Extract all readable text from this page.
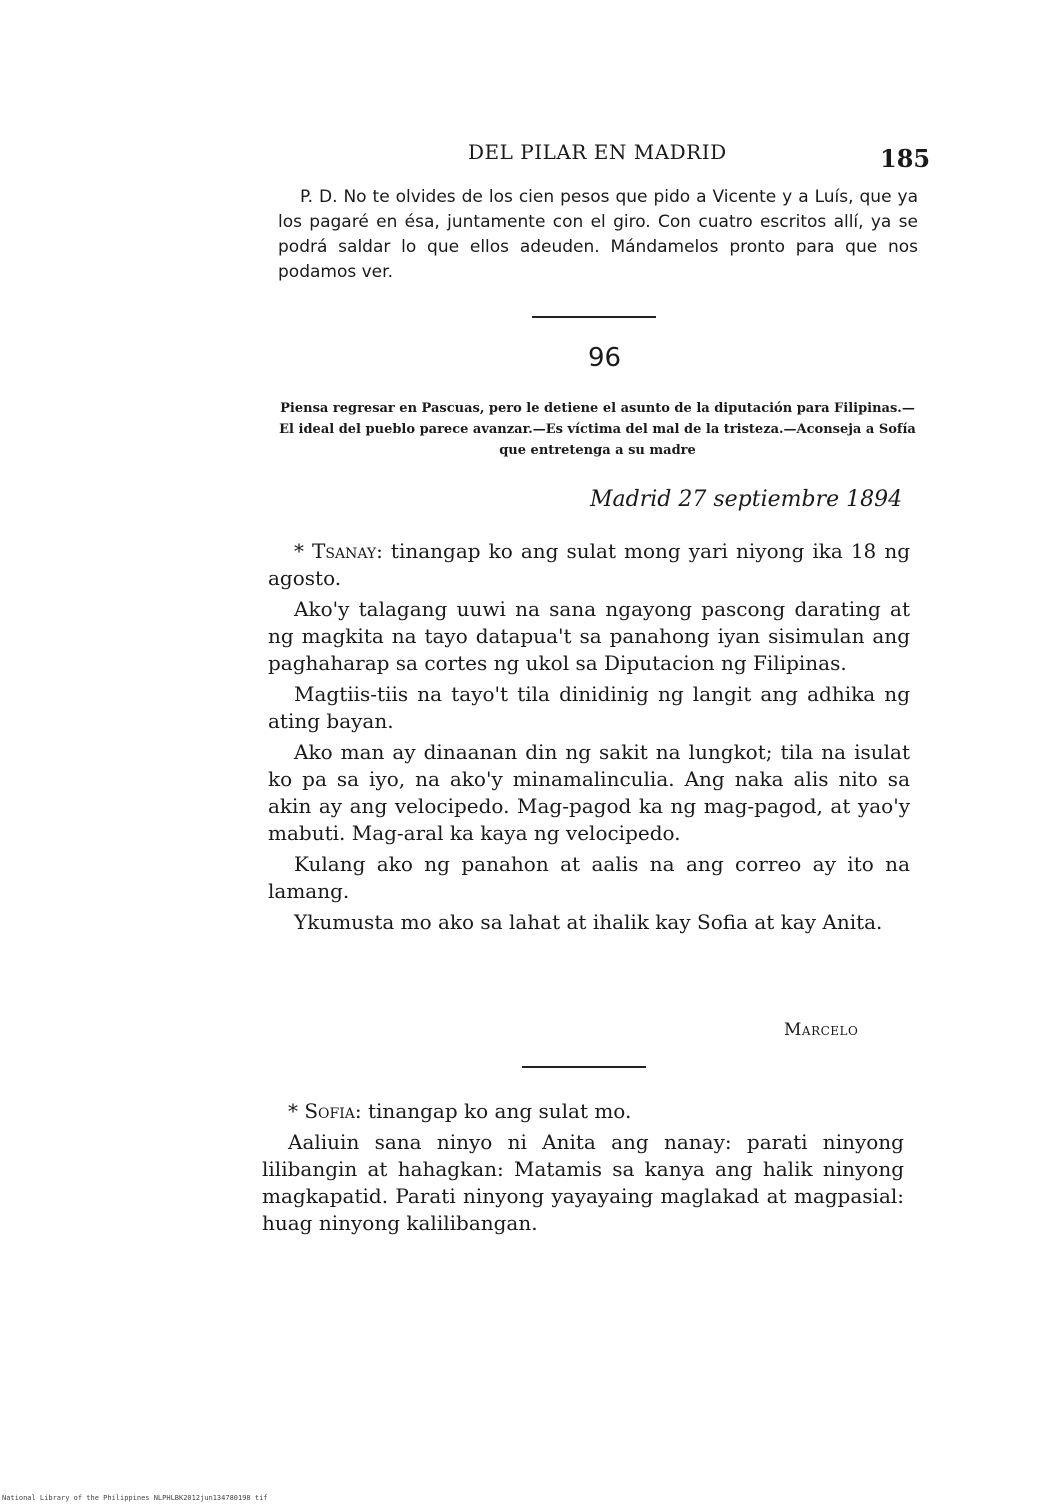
DEL PILAR EN MADRID	185
P. D. No te olvides de los cien pesos que pido a Vicente y a Luís, que ya los pagaré en ésa, juntamente con el giro. Con cuatro escritos allí, ya se podrá saldar lo que ellos adeuden. Mándamelos pronto para que nos podamos ver.
96
Piensa regresar en Pascuas, pero le detiene el asunto de la diputación para Filipinas.—El ideal del pueblo parece avanzar.—Es víctima del mal de la tristeza.—Aconseja a Sofía que entretenga a su madre
Madrid 27 septiembre 1894

* Tsanay: tinangap ko ang sulat mong yari niyong ika 18 ng agosto.

Ako'y talagang uuwi na sana ngayong pascong darating at ng magkita na tayo datapua't sa panahong iyan sisimulan ang paghaharap sa cortes ng ukol sa Diputacion ng Filipinas.

Magtiis-tiis na tayo't tila dinidinig ng langit ang adhika ng ating bayan.

Ako man ay dinaanan din ng sakit na lungkot; tila na isulat ko pa sa iyo, na ako'y minamalinculia. Ang naka alis nito sa akin ay ang velocipedo. Mag-pagod ka ng mag-pagod, at yao'y mabuti. Mag-aral ka kaya ng velocipedo.

Kulang ako ng panahon at aalis na ang correo ay ito na lamang.

Ykumusta mo ako sa lahat at ihalik kay Sofia at kay Anita.

Marcelo

* Sofia: tinangap ko ang sulat mo.

Aaliuin sana ninyo ni Anita ang nanay: parati ninyong lilibangin at hahagkan: Matamis sa kanya ang halik ninyong magkapatid. Parati ninyong yayayaing maglakad at magpasial: huag ninyong kalilibangan.

National Library of the Philippines NLPHLBK2012jun134780198 tif
